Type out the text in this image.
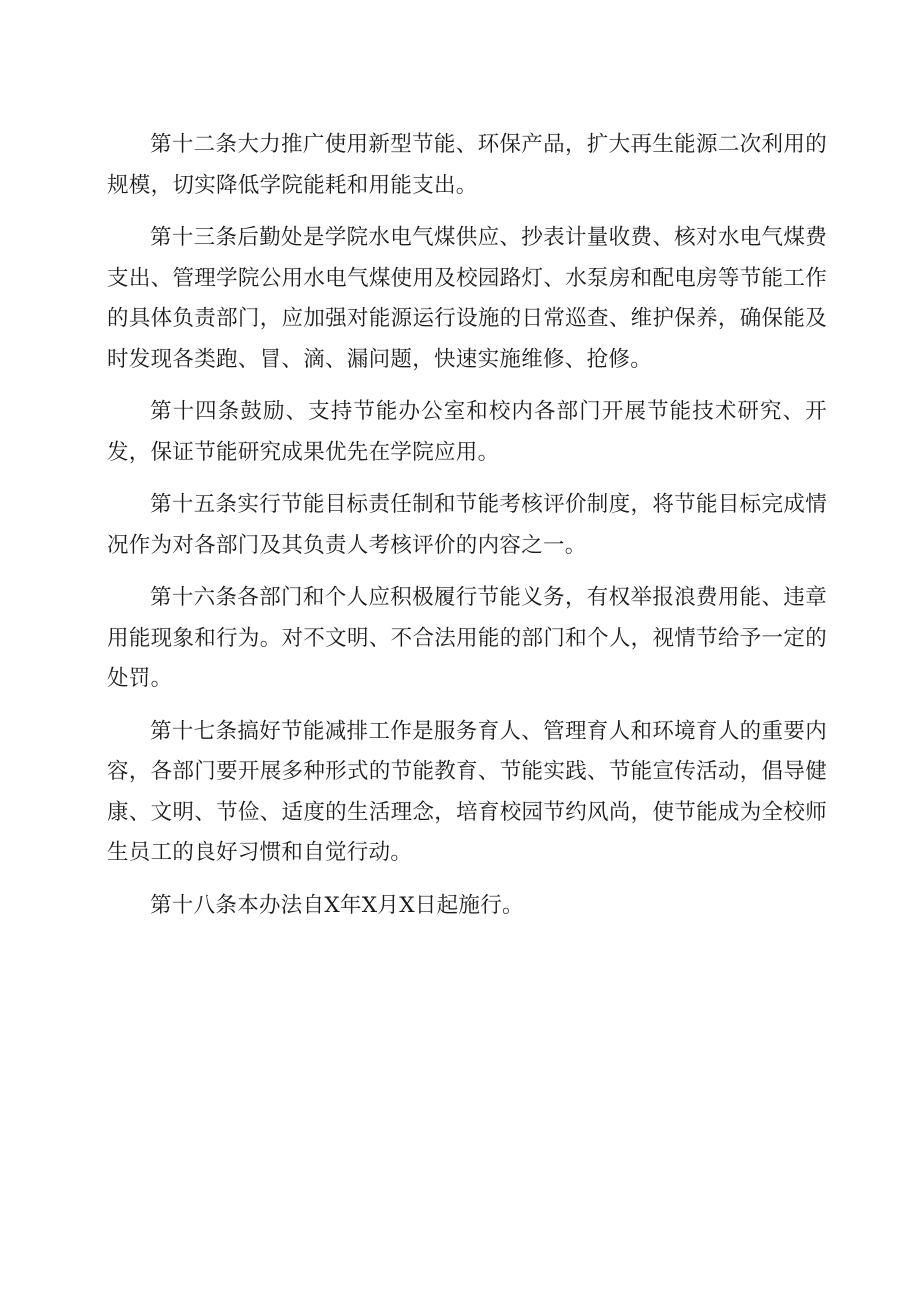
第十二条大力推广使用新型节能、环保产品，扩大再生能源二次利用的规模，切实降低学院能耗和用能支出。

第十三条后勤处是学院水电气煤供应、抄表计量收费、核对水电气煤费支出、管理学院公用水电气煤使用及校园路灯、水泵房和配电房等节能工作的具体负责部门，应加强对能源运行设施的日常巡查、维护保养，确保能及时发现各类跑、冒、滴、漏问题，快速实施维修、抢修。

第十四条鼓励、支持节能办公室和校内各部门开展节能技术研究、开发，保证节能研究成果优先在学院应用。

第十五条实行节能目标责任制和节能考核评价制度，将节能目标完成情况作为对各部门及其负责人考核评价的内容之一。

第十六条各部门和个人应积极履行节能义务，有权举报浪费用能、违章用能现象和行为。对不文明、不合法用能的部门和个人，视情节给予一定的处罚。

第十七条搞好节能减排工作是服务育人、管理育人和环境育人的重要内容，各部门要开展多种形式的节能教育、节能实践、节能宣传活动，倡导健康、文明、节俭、适度的生活理念，培育校园节约风尚，使节能成为全校师生员工的良好习惯和自觉行动。

第十八条本办法自X年X月X日起施行。
